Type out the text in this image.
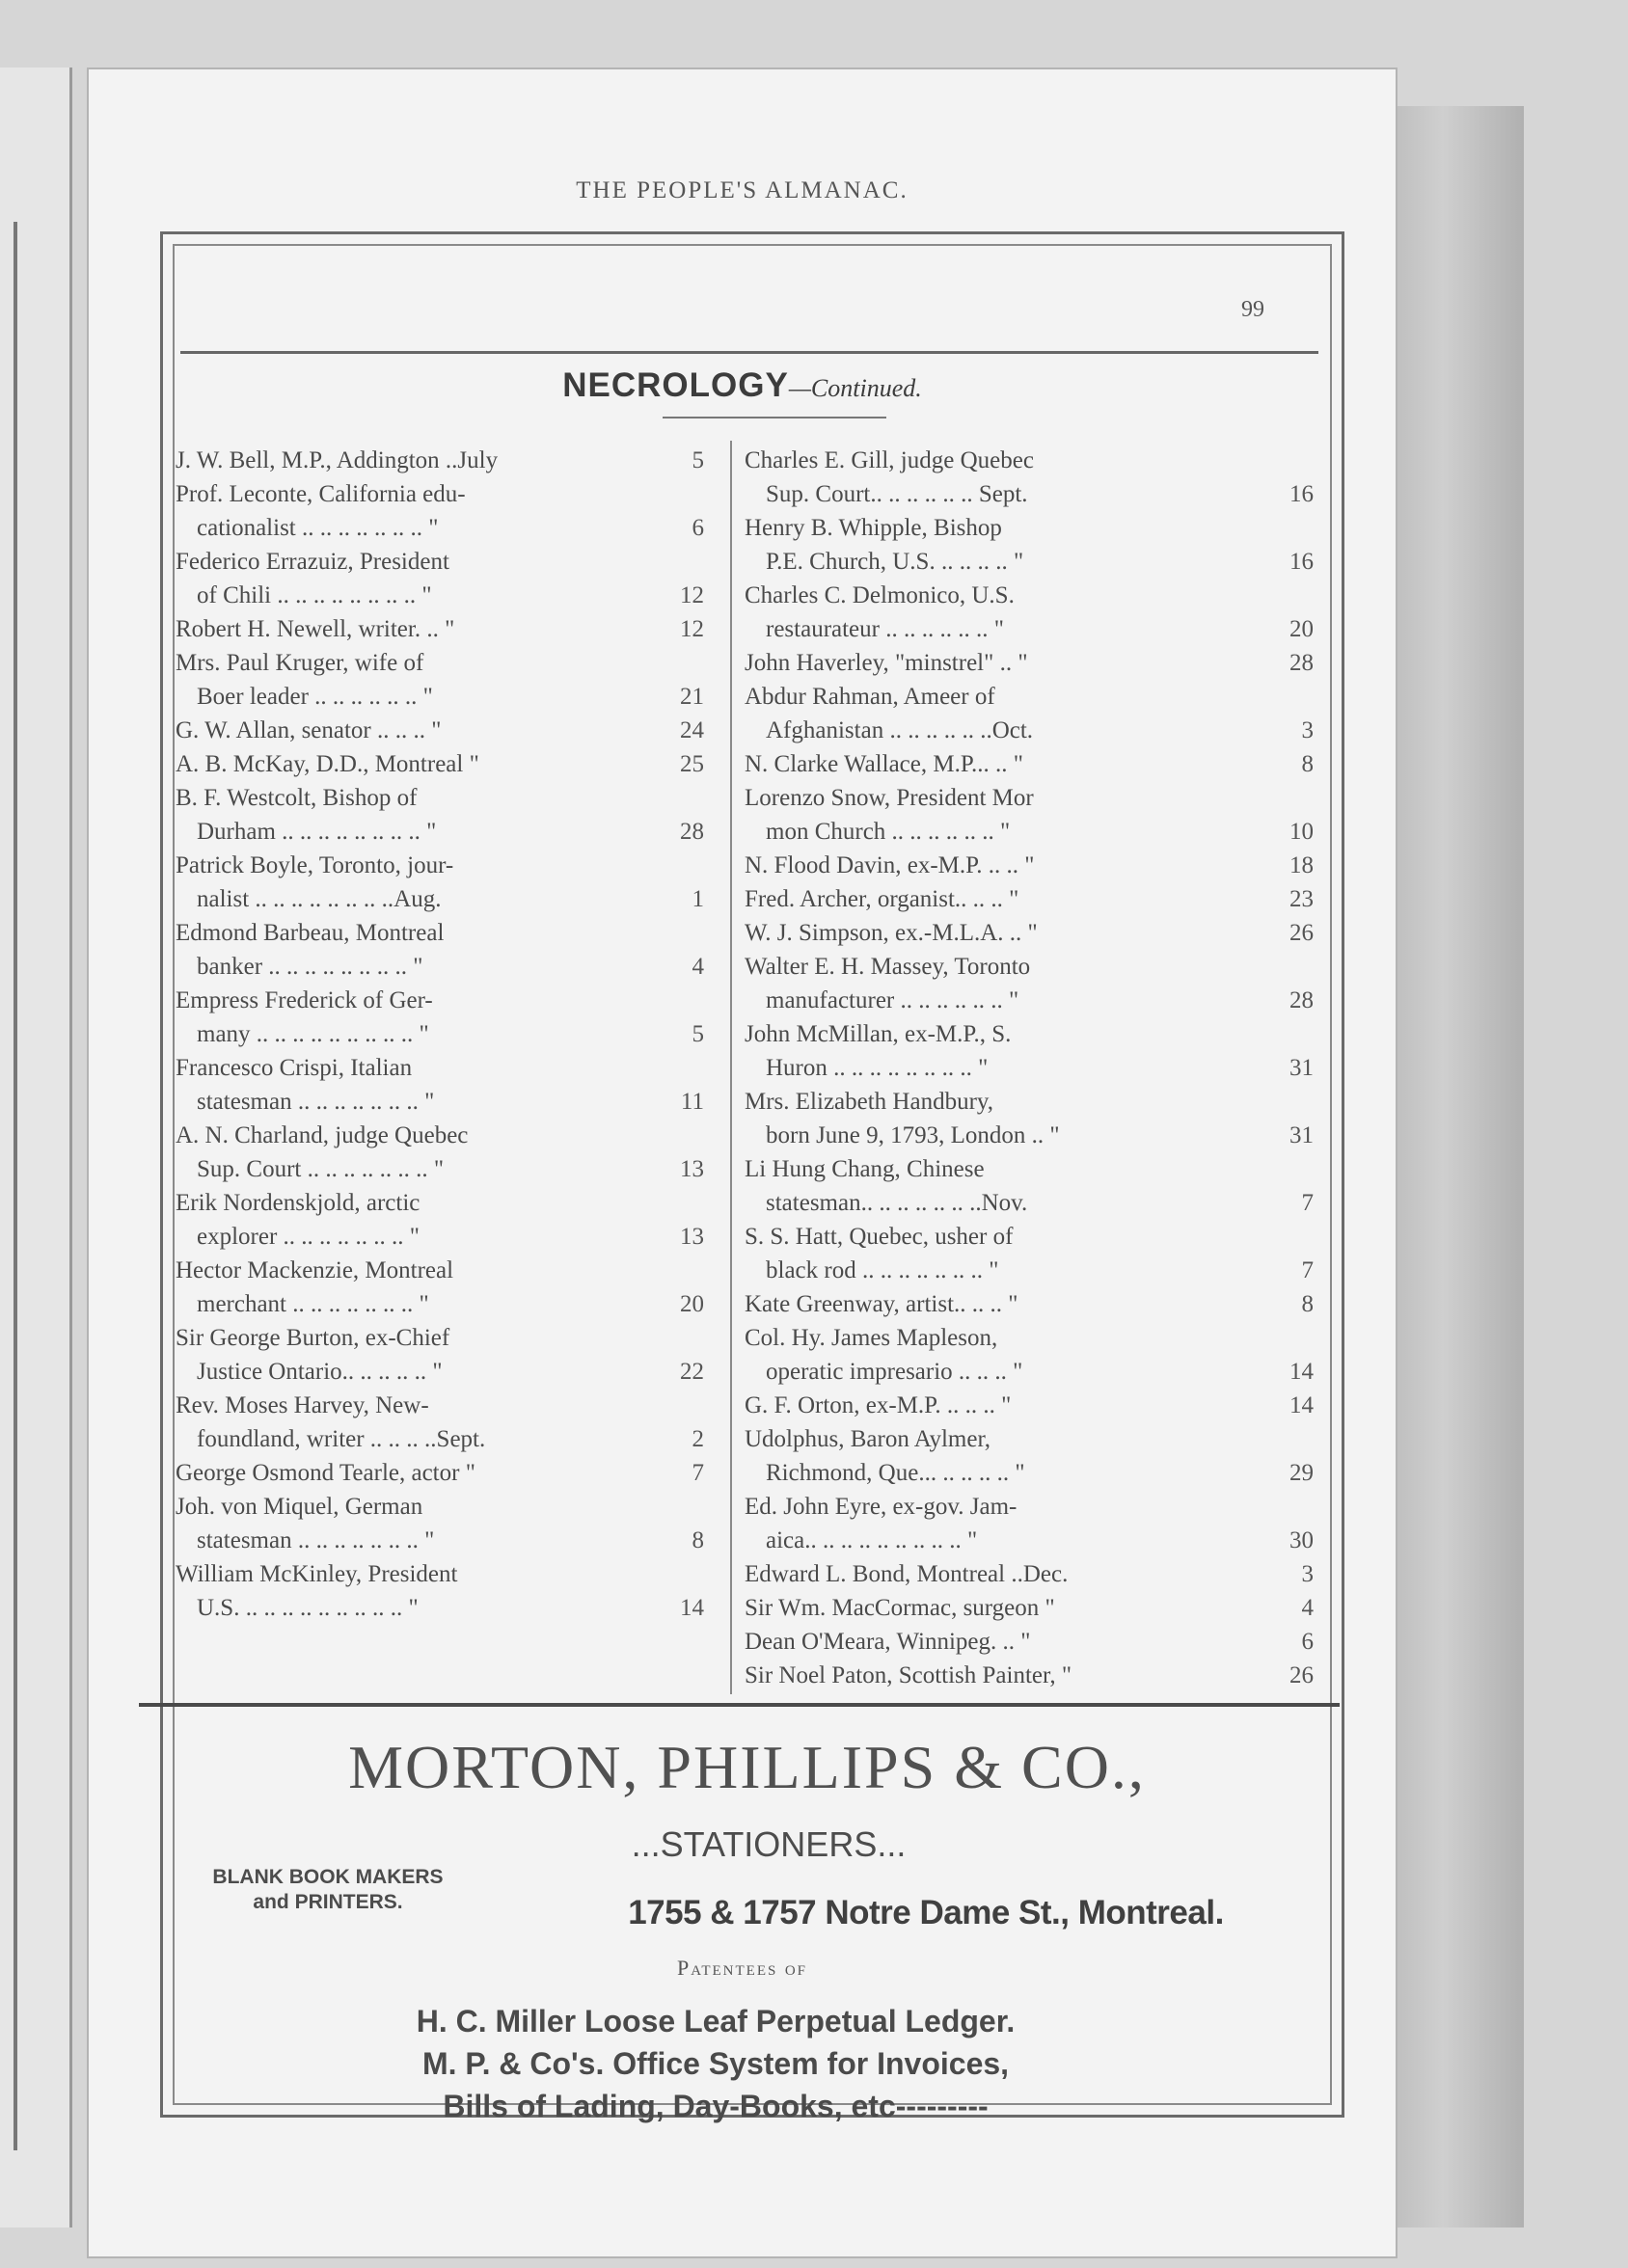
THE PEOPLE'S ALMANAC.
99
NECROLOGY—Continued.
J. W. Bell, M.P., Addington ..July	5
Prof. Leconte, California edu-
cationalist .. .. .. .. .. .. .. "	6
Federico Errazuiz, President
of Chili .. .. .. .. .. .. .. .. "	12
Robert H. Newell, writer. .. "	12
Mrs. Paul Kruger, wife of
Boer leader .. .. .. .. .. .. "	21
G. W. Allan, senator .. .. .. "	24
A. B. McKay, D.D., Montreal "	25
B. F. Westcolt, Bishop of
Durham .. .. .. .. .. .. .. .. "	28
Patrick Boyle, Toronto, jour-
nalist .. .. .. .. .. .. .. ..Aug.	1
Edmond Barbeau, Montreal
banker .. .. .. .. .. .. .. .. "	4
Empress Frederick of Ger-
many .. .. .. .. .. .. .. .. .. "	5
Francesco Crispi, Italian
statesman .. .. .. .. .. .. .. "	11
A. N. Charland, judge Quebec
Sup. Court .. .. .. .. .. .. .. "	13
Erik Nordenskjold, arctic
explorer .. .. .. .. .. .. .. "	13
Hector Mackenzie, Montreal
merchant .. .. .. .. .. .. .. "	20
Sir George Burton, ex-Chief
Justice Ontario.. .. .. .. .. "	22
Rev. Moses Harvey, New-
foundland, writer .. .. .. ..Sept.	2
George Osmond Tearle, actor "	7
Joh. von Miquel, German
statesman .. .. .. .. .. .. .. "	8
William McKinley, President
U.S. .. .. .. .. .. .. .. .. .. "	14
Charles E. Gill, judge Quebec
Sup. Court.. .. .. .. .. .. Sept.	16
Henry B. Whipple, Bishop
P.E. Church, U.S. .. .. .. .. "	16
Charles C. Delmonico, U.S.
restaurateur .. .. .. .. .. .. "	20
John Haverley, "minstrel" .. "	28
Abdur Rahman, Ameer of
Afghanistan .. .. .. .. .. ..Oct.	3
N. Clarke Wallace, M.P... .. "	8
Lorenzo Snow, President Mor
mon Church .. .. .. .. .. .. "	10
N. Flood Davin, ex-M.P. .. .. "	18
Fred. Archer, organist.. .. .. "	23
W. J. Simpson, ex.-M.L.A. .. "	26
Walter E. H. Massey, Toronto
manufacturer .. .. .. .. .. .. "	28
John McMillan, ex-M.P., S.
Huron .. .. .. .. .. .. .. .. "	31
Mrs. Elizabeth Handbury,
born June 9, 1793, London .. "	31
Li Hung Chang, Chinese
statesman.. .. .. .. .. .. ..Nov.	7
S. S. Hatt, Quebec, usher of
black rod .. .. .. .. .. .. .. "	7
Kate Greenway, artist.. .. .. "	8
Col. Hy. James Mapleson,
operatic impresario .. .. .. "	14
G. F. Orton, ex-M.P. .. .. .. "	14
Udolphus, Baron Aylmer,
Richmond, Que... .. .. .. .. "	29
Ed. John Eyre, ex-gov. Jam-
aica.. .. .. .. .. .. .. .. .. "	30
Edward L. Bond, Montreal ..Dec.	3
Sir Wm. MacCormac, surgeon "	4
Dean O'Meara, Winnipeg. .. "	6
Sir Noel Paton, Scottish Painter, "	26
MORTON, PHILLIPS & CO.,
...STATIONERS...
BLANK BOOK MAKERS
and PRINTERS.	1755 & 1757 Notre Dame St., Montreal.
Patentees of
H. C. Miller Loose Leaf Perpetual Ledger.
M. P. & Co's. Office System for Invoices,
Bills of Lading, Day-Books, etc---------
